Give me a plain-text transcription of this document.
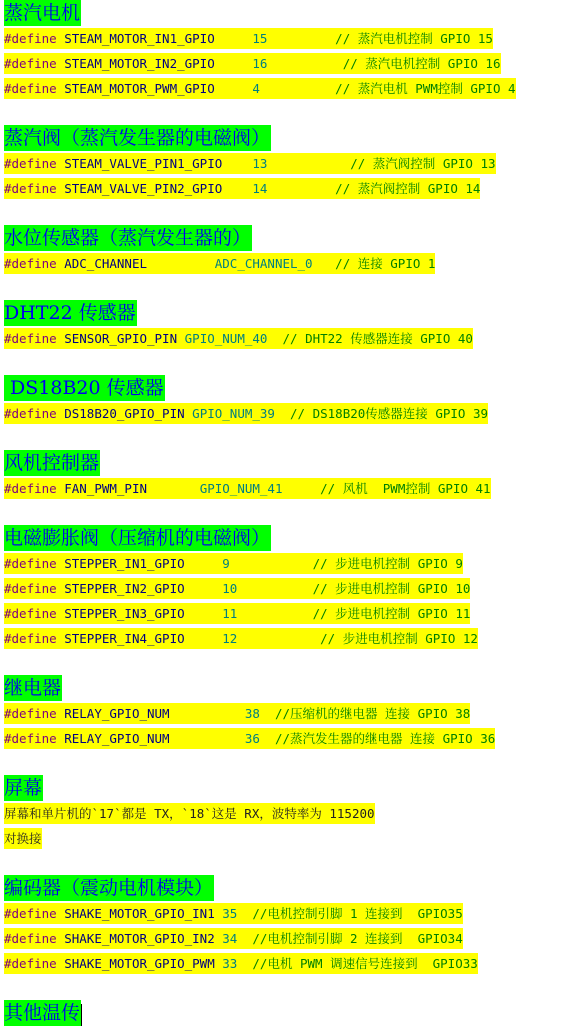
蒸汽电机
#define STEAM_MOTOR_IN1_GPIO	15	// 蒸汽电机控制 GPIO 15
#define STEAM_MOTOR_IN2_GPIO	16	// 蒸汽电机控制 GPIO 16
#define STEAM_MOTOR_PWM_GPIO	4	// 蒸汽电机 PWM控制 GPIO 4
蒸汽阀（蒸汽发生器的电磁阀）
#define STEAM_VALVE_PIN1_GPIO 13	// 蒸汽阀控制 GPIO 13
#define STEAM_VALVE_PIN2_GPIO 14	// 蒸汽阀控制 GPIO 14
水位传感器（蒸汽发生器的）
#define ADC_CHANNEL	ADC_CHANNEL_0 // 连接 GPIO 1
DHT22 传感器
#define SENSOR_GPIO_PIN GPIO_NUM_40 // DHT22 传感器连接 GPIO 40
DS18B20 传感器
#define DS18B20_GPIO_PIN GPIO_NUM_39 // DS18B20传感器连接 GPIO 39
风机控制器
#define FAN_PWM_PIN	GPIO_NUM_41	// 风机  PWM控制 GPIO 41
电磁膨胀阀（压缩机的电磁阀）
#define STEPPER_IN1_GPIO	9	// 步进电机控制 GPIO 9
#define STEPPER_IN2_GPIO	10	// 步进电机控制 GPIO 10
#define STEPPER_IN3_GPIO	11	// 步进电机控制 GPIO 11
#define STEPPER_IN4_GPIO	12	// 步进电机控制 GPIO 12
继电器
#define RELAY_GPIO_NUM	38 //压缩机的继电器 连接 GPIO 38
#define RELAY_GPIO_NUM	36 //蒸汽发生器的继电器 连接 GPIO 36
屏幕
屏幕和单片机的`17`都是 TX，`18`这是 RX，波特率为 115200
对换接
编码器（震动电机模块）
#define SHAKE_MOTOR_GPIO_IN1 35 //电机控制引脚 1 连接到  GPIO35
#define SHAKE_MOTOR_GPIO_IN2 34 //电机控制引脚 2 连接到  GPIO34
#define SHAKE_MOTOR_GPIO_PWM 33 //电机 PWM 调速信号连接到  GPIO33
其他温传
